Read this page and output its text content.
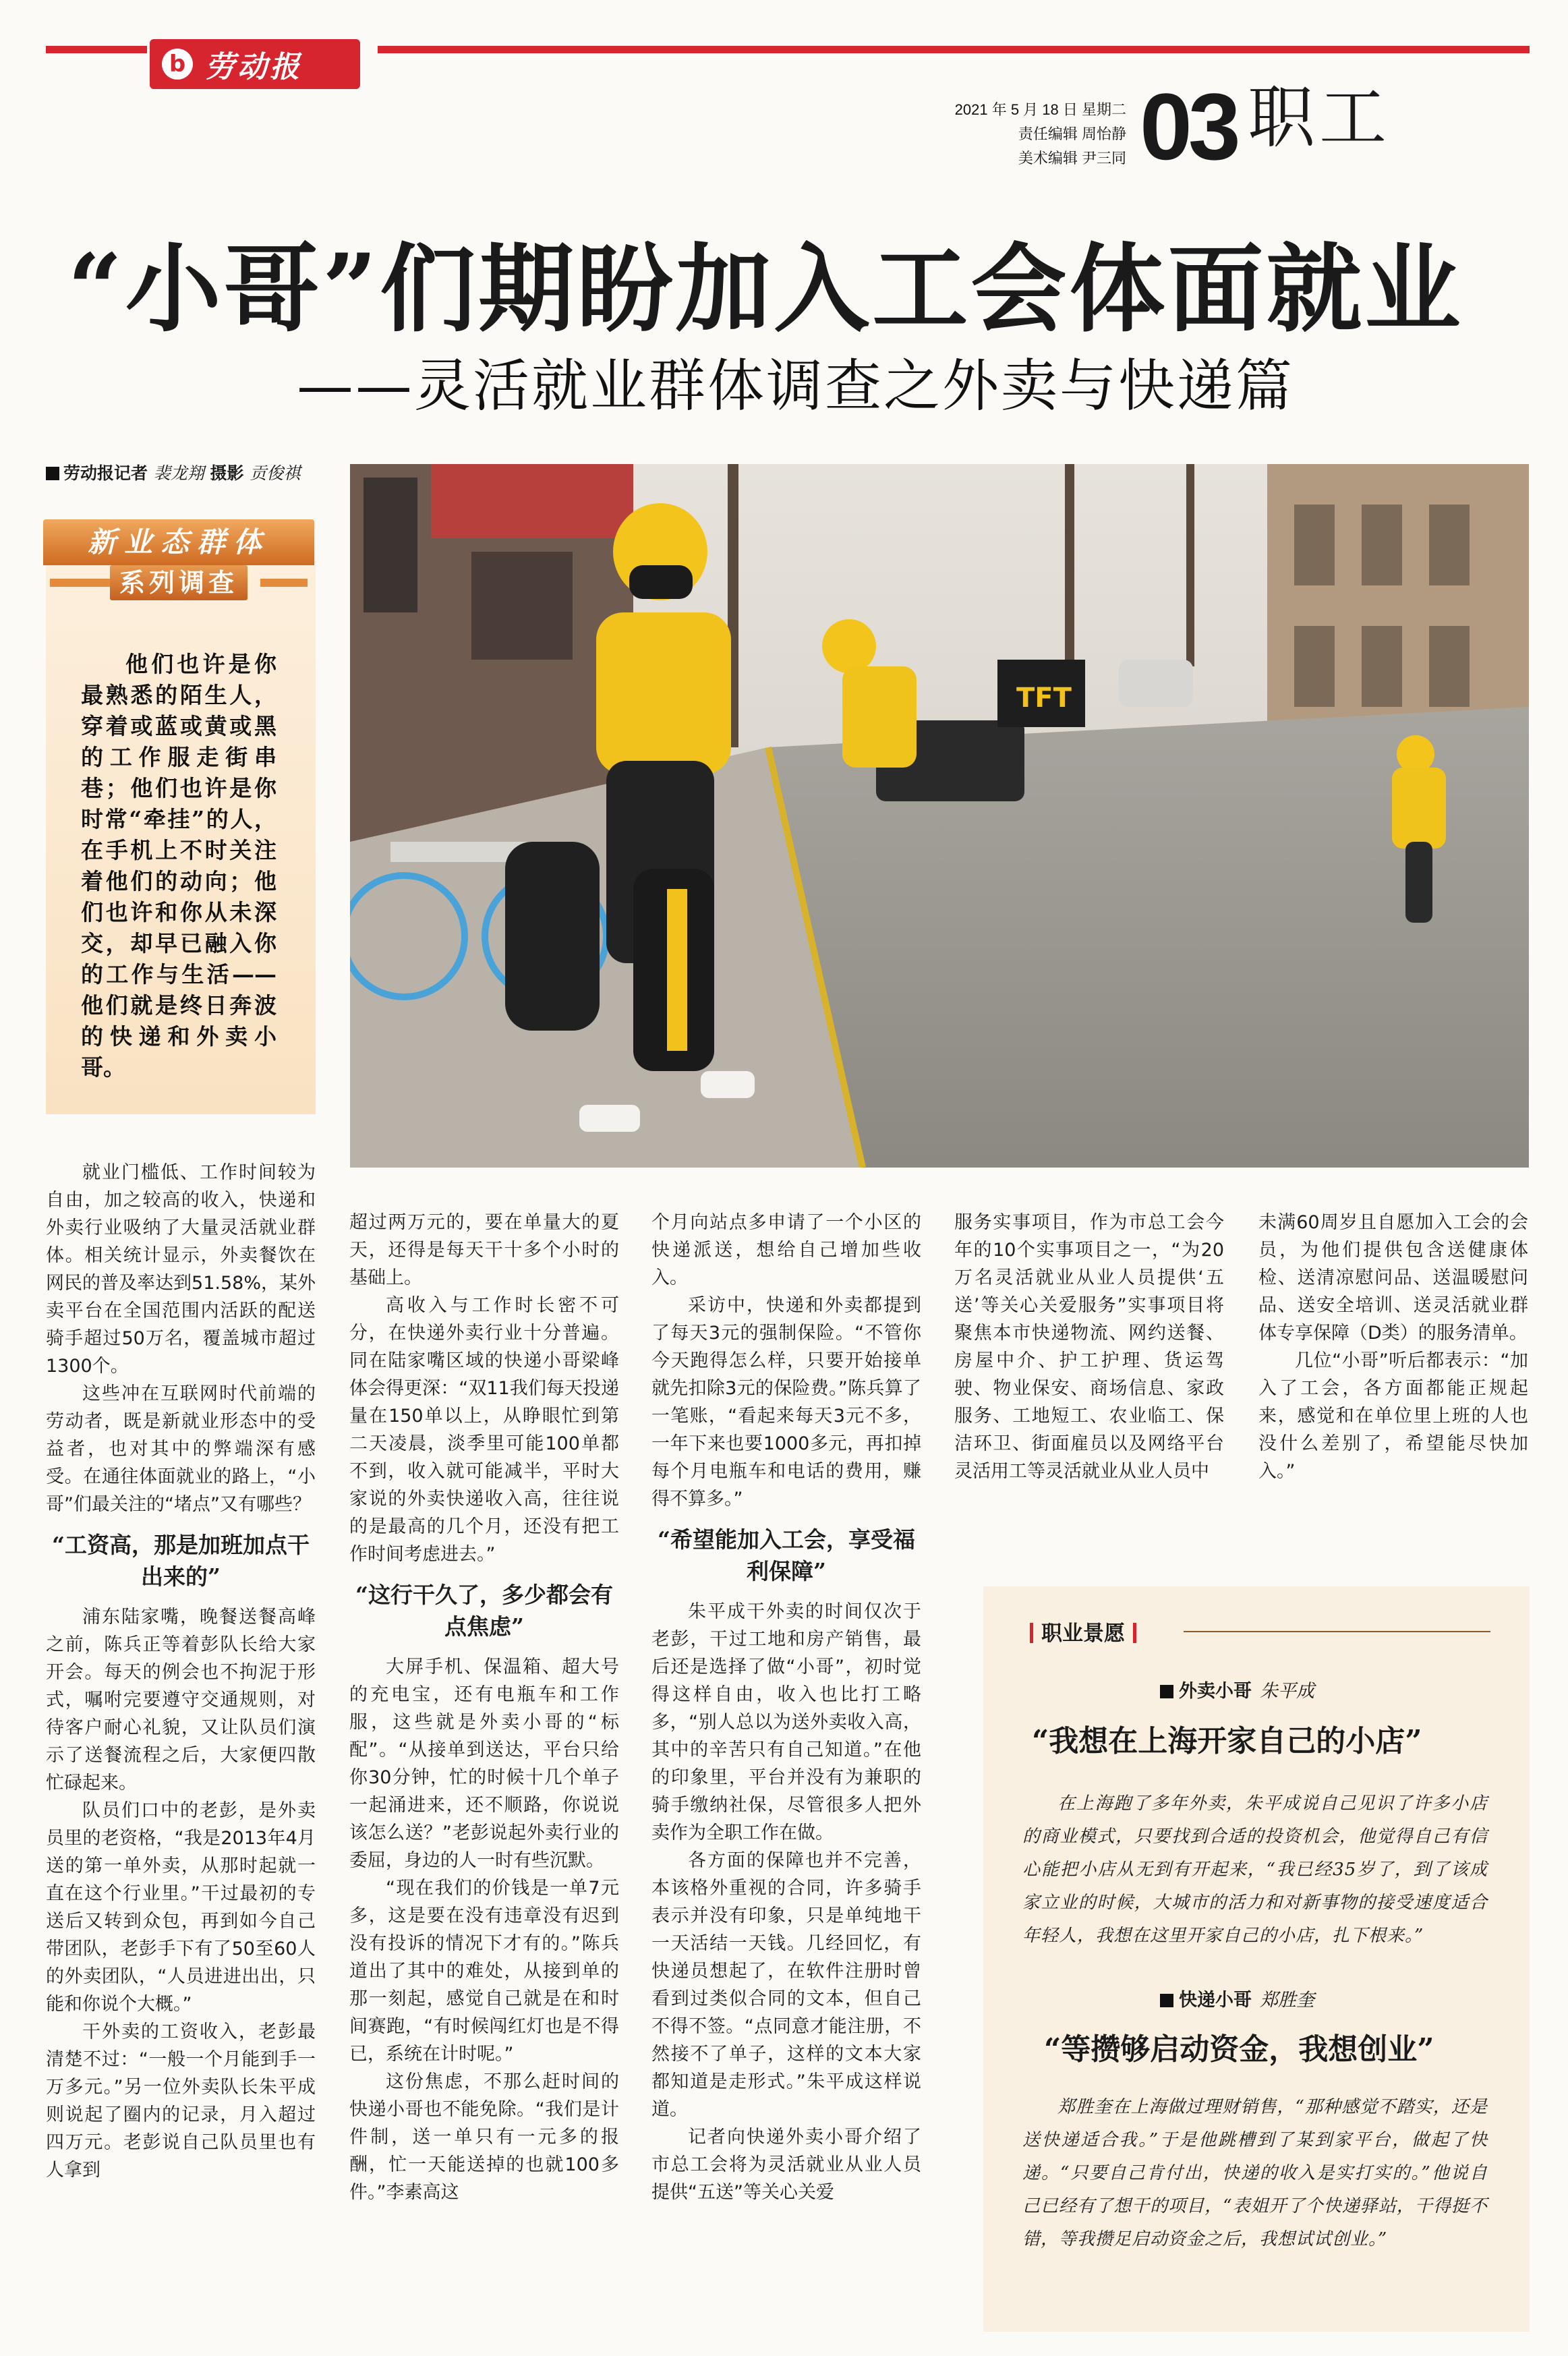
b 劳动报
2021 年 5 月 18 日 星期二
责任编辑 周怡静
美术编辑 尹三同 03 职工
“小哥”们期盼加入工会体面就业
——灵活就业群体调查之外卖与快递篇
劳动报记者 裴龙翔 摄影 贡俊祺
新业态群体
系列调查
他们也许是你最熟悉的陌生人，穿着或蓝或黄或黑的工作服走街串巷；他们也许是你时常“牵挂”的人，在手机上不时关注着他们的动向；他们也许和你从未深交，却早已融入你的工作与生活——他们就是终日奔波的快递和外卖小哥。
TFT

就业门槛低、工作时间较为自由，加之较高的收入，快递和外卖行业吸纳了大量灵活就业群体。相关统计显示，外卖餐饮在网民的普及率达到51.58%，某外卖平台在全国范围内活跃的配送骑手超过50万名，覆盖城市超过1300个。

这些冲在互联网时代前端的劳动者，既是新就业形态中的受益者，也对其中的弊端深有感受。在通往体面就业的路上，“小哥”们最关注的“堵点”又有哪些？

“工资高，那是加班加点干出来的”

浦东陆家嘴，晚餐送餐高峰之前，陈兵正等着彭队长给大家开会。每天的例会也不拘泥于形式，嘱咐完要遵守交通规则，对待客户耐心礼貌，又让队员们演示了送餐流程之后，大家便四散忙碌起来。

队员们口中的老彭，是外卖员里的老资格，“我是2013年4月送的第一单外卖，从那时起就一直在这个行业里。”干过最初的专送后又转到众包，再到如今自己带团队，老彭手下有了50至60人的外卖团队，“人员进进出出，只能和你说个大概。”

干外卖的工资收入，老彭最清楚不过：“一般一个月能到手一万多元。”另一位外卖队长朱平成则说起了圈内的记录，月入超过四万元。老彭说自己队员里也有人拿到

超过两万元的，要在单量大的夏天，还得是每天干十多个小时的基础上。

高收入与工作时长密不可分，在快递外卖行业十分普遍。同在陆家嘴区域的快递小哥梁峰体会得更深：“双11我们每天投递量在150单以上，从睁眼忙到第二天凌晨，淡季里可能100单都不到，收入就可能减半，平时大家说的外卖快递收入高，往往说的是最高的几个月，还没有把工作时间考虑进去。”

“这行干久了，多少都会有点焦虑”

大屏手机、保温箱、超大号的充电宝，还有电瓶车和工作服，这些就是外卖小哥的“标配”。“从接单到送达，平台只给你30分钟，忙的时候十几个单子一起涌进来，还不顺路，你说说该怎么送？”老彭说起外卖行业的委屈，身边的人一时有些沉默。

“现在我们的价钱是一单7元多，这是要在没有违章没有迟到没有投诉的情况下才有的。”陈兵道出了其中的难处，从接到单的那一刻起，感觉自己就是在和时间赛跑，“有时候闯红灯也是不得已，系统在计时呢。”

这份焦虑，不那么赶时间的快递小哥也不能免除。“我们是计件制，送一单只有一元多的报酬，忙一天能送掉的也就100多件。”李素高这

个月向站点多申请了一个小区的快递派送，想给自己增加些收入。

采访中，快递和外卖都提到了每天3元的强制保险。“不管你今天跑得怎么样，只要开始接单就先扣除3元的保险费。”陈兵算了一笔账，“看起来每天3元不多，一年下来也要1000多元，再扣掉每个月电瓶车和电话的费用，赚得不算多。”

“希望能加入工会，享受福利保障”

朱平成干外卖的时间仅次于老彭，干过工地和房产销售，最后还是选择了做“小哥”，初时觉得这样自由，收入也比打工略多，“别人总以为送外卖收入高，其中的辛苦只有自己知道。”在他的印象里，平台并没有为兼职的骑手缴纳社保，尽管很多人把外卖作为全职工作在做。

各方面的保障也并不完善，本该格外重视的合同，许多骑手表示并没有印象，只是单纯地干一天活结一天钱。几经回忆，有快递员想起了，在软件注册时曾看到过类似合同的文本，但自己不得不签。“点同意才能注册，不然接不了单子，这样的文本大家都知道是走形式。”朱平成这样说道。

记者向快递外卖小哥介绍了市总工会将为灵活就业从业人员提供“五送”等关心关爱

服务实事项目，作为市总工会今年的10个实事项目之一，“为20万名灵活就业从业人员提供‘五送’等关心关爱服务”实事项目将聚焦本市快递物流、网约送餐、房屋中介、护工护理、货运驾驶、物业保安、商场信息、家政服务、工地短工、农业临工、保洁环卫、街面雇员以及网络平台灵活用工等灵活就业从业人员中

未满60周岁且自愿加入工会的会员，为他们提供包含送健康体检、送清凉慰问品、送温暖慰问品、送安全培训、送灵活就业群体专享保障（D类）的服务清单。

几位“小哥”听后都表示：“加入了工会，各方面都能正规起来，感觉和在单位里上班的人也没什么差别了，希望能尽快加入。”

职业景愿
外卖小哥 朱平成
“我想在上海开家自己的小店”
在上海跑了多年外卖，朱平成说自己见识了许多小店的商业模式，只要找到合适的投资机会，他觉得自己有信心能把小店从无到有开起来，“我已经35岁了，到了该成家立业的时候，大城市的活力和对新事物的接受速度适合年轻人，我想在这里开家自己的小店，扎下根来。”
快递小哥 郑胜奎
“等攒够启动资金，我想创业”
郑胜奎在上海做过理财销售，“那种感觉不踏实，还是送快递适合我。”于是他跳槽到了某到家平台，做起了快递。“只要自己肯付出，快递的收入是实打实的。”他说自己已经有了想干的项目，“表姐开了个快递驿站，干得挺不错，等我攒足启动资金之后，我想试试创业。”
